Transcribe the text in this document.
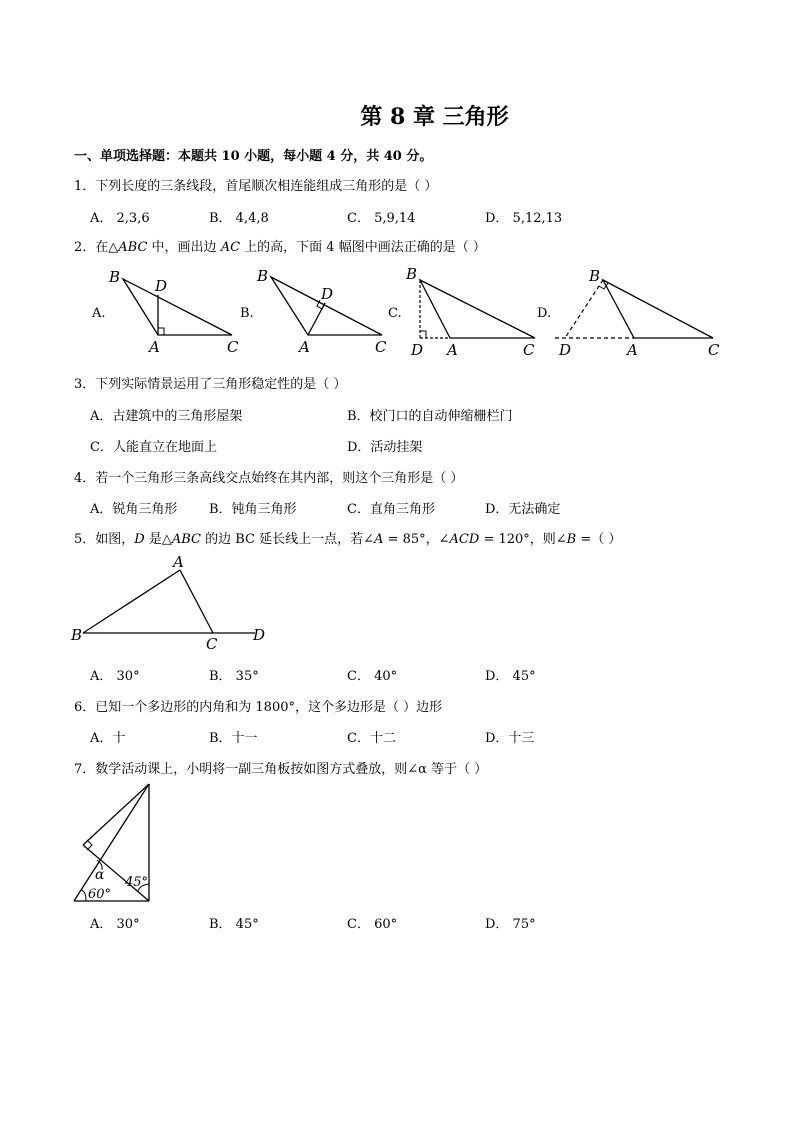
第 8 章 三角形
一、单项选择题：本题共 10 小题，每小题 4 分，共 40 分。
1．下列长度的三条线段，首尾顺次相连能组成三角形的是（ ）
A． 2,3,6	B． 4,4,8	C． 5,9,14	D． 5,12,13
2．在△ABC 中，画出边 AC 上的高，下面 4 幅图中画法正确的是（ ）
A.	B.	C.	D.
B D
A	C
B
D
A	C
B
D A	C
B
D	A	C
3．下列实际情景运用了三角形稳定性的是（ ）
A．古建筑中的三角形屋架	B．校门口的自动伸缩栅栏门
C．人能直立在地面上	D．活动挂架
4．若一个三角形三条高线交点始终在其内部，则这个三角形是（ ）
A．锐角三角形 B．钝角三角形	C．直角三角形	D．无法确定
5．如图，D 是△ABC 的边 BC 延长线上一点，若∠A = 85°，∠ACD = 120°，则∠B =（ ）
A
B	C D
A． 30°	B． 35°	C． 40°	D． 45°
6．已知一个多边形的内角和为 1800°，这个多边形是（ ）边形
A．十	B．十一	C．十二	D．十三
7．数学活动课上，小明将一副三角板按如图方式叠放，则∠α 等于（ ）
α 45°
60°
A． 30°	B． 45°	C． 60°	D． 75°
